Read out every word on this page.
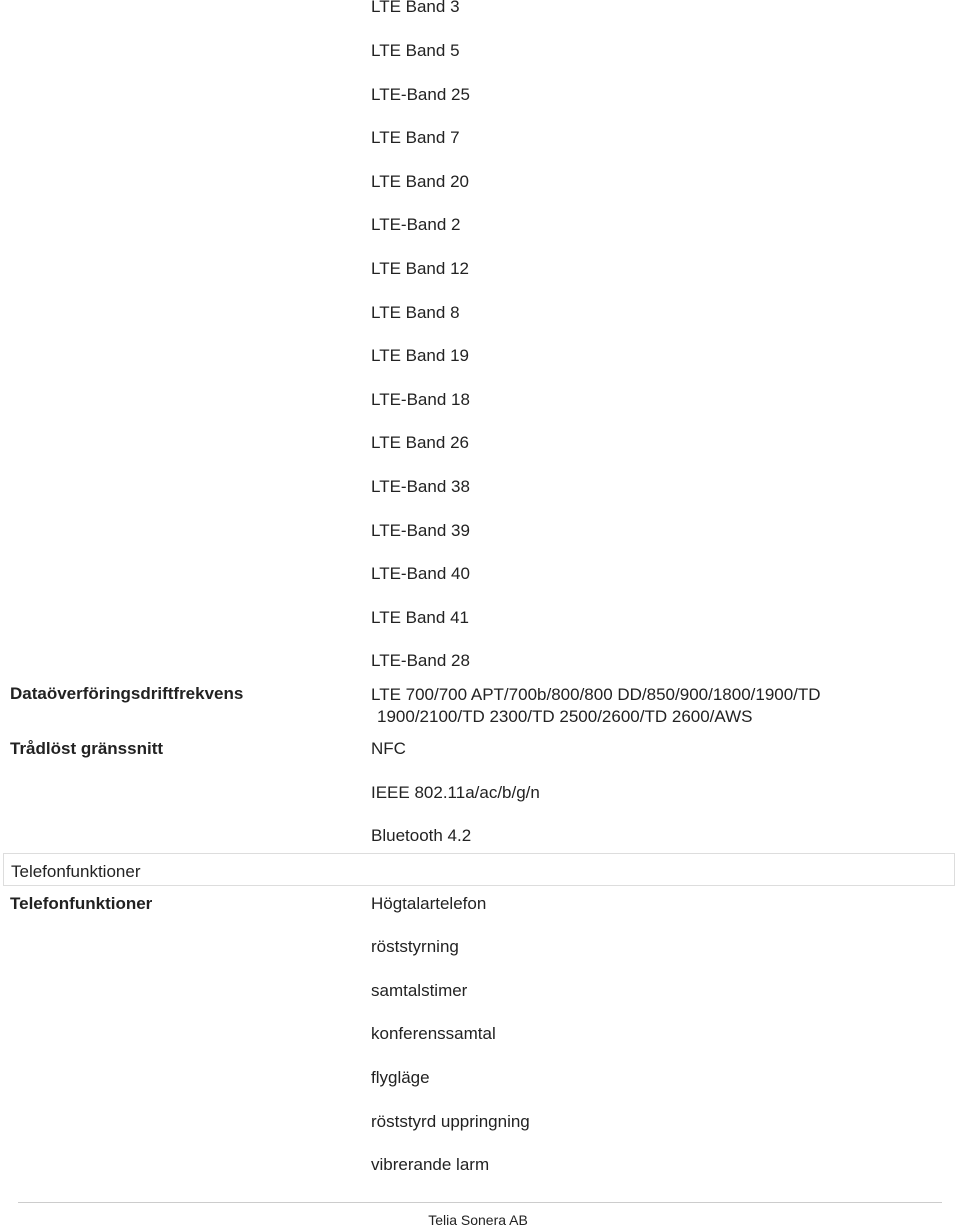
LTE Band 3
LTE Band 5
LTE-Band 25
LTE Band 7
LTE Band 20
LTE-Band 2
LTE Band 12
LTE Band 8
LTE Band 19
LTE-Band 18
LTE Band 26
LTE-Band 38
LTE-Band 39
LTE-Band 40
LTE Band 41
LTE-Band 28
Dataöverföringsdriftfrekvens	LTE 700/700 APT/700b/800/800 DD/850/900/1800/1900/TD
1900/2100/TD 2300/TD 2500/2600/TD 2600/AWS
Trådlöst gränssnitt	NFC
IEEE 802.11a/ac/b/g/n
Bluetooth 4.2
Telefonfunktioner
Telefonfunktioner	Högtalartelefon
röststyrning
samtalstimer
konferenssamtal
flygläge
röststyrd uppringning
vibrerande larm
Telia Sonera AB
